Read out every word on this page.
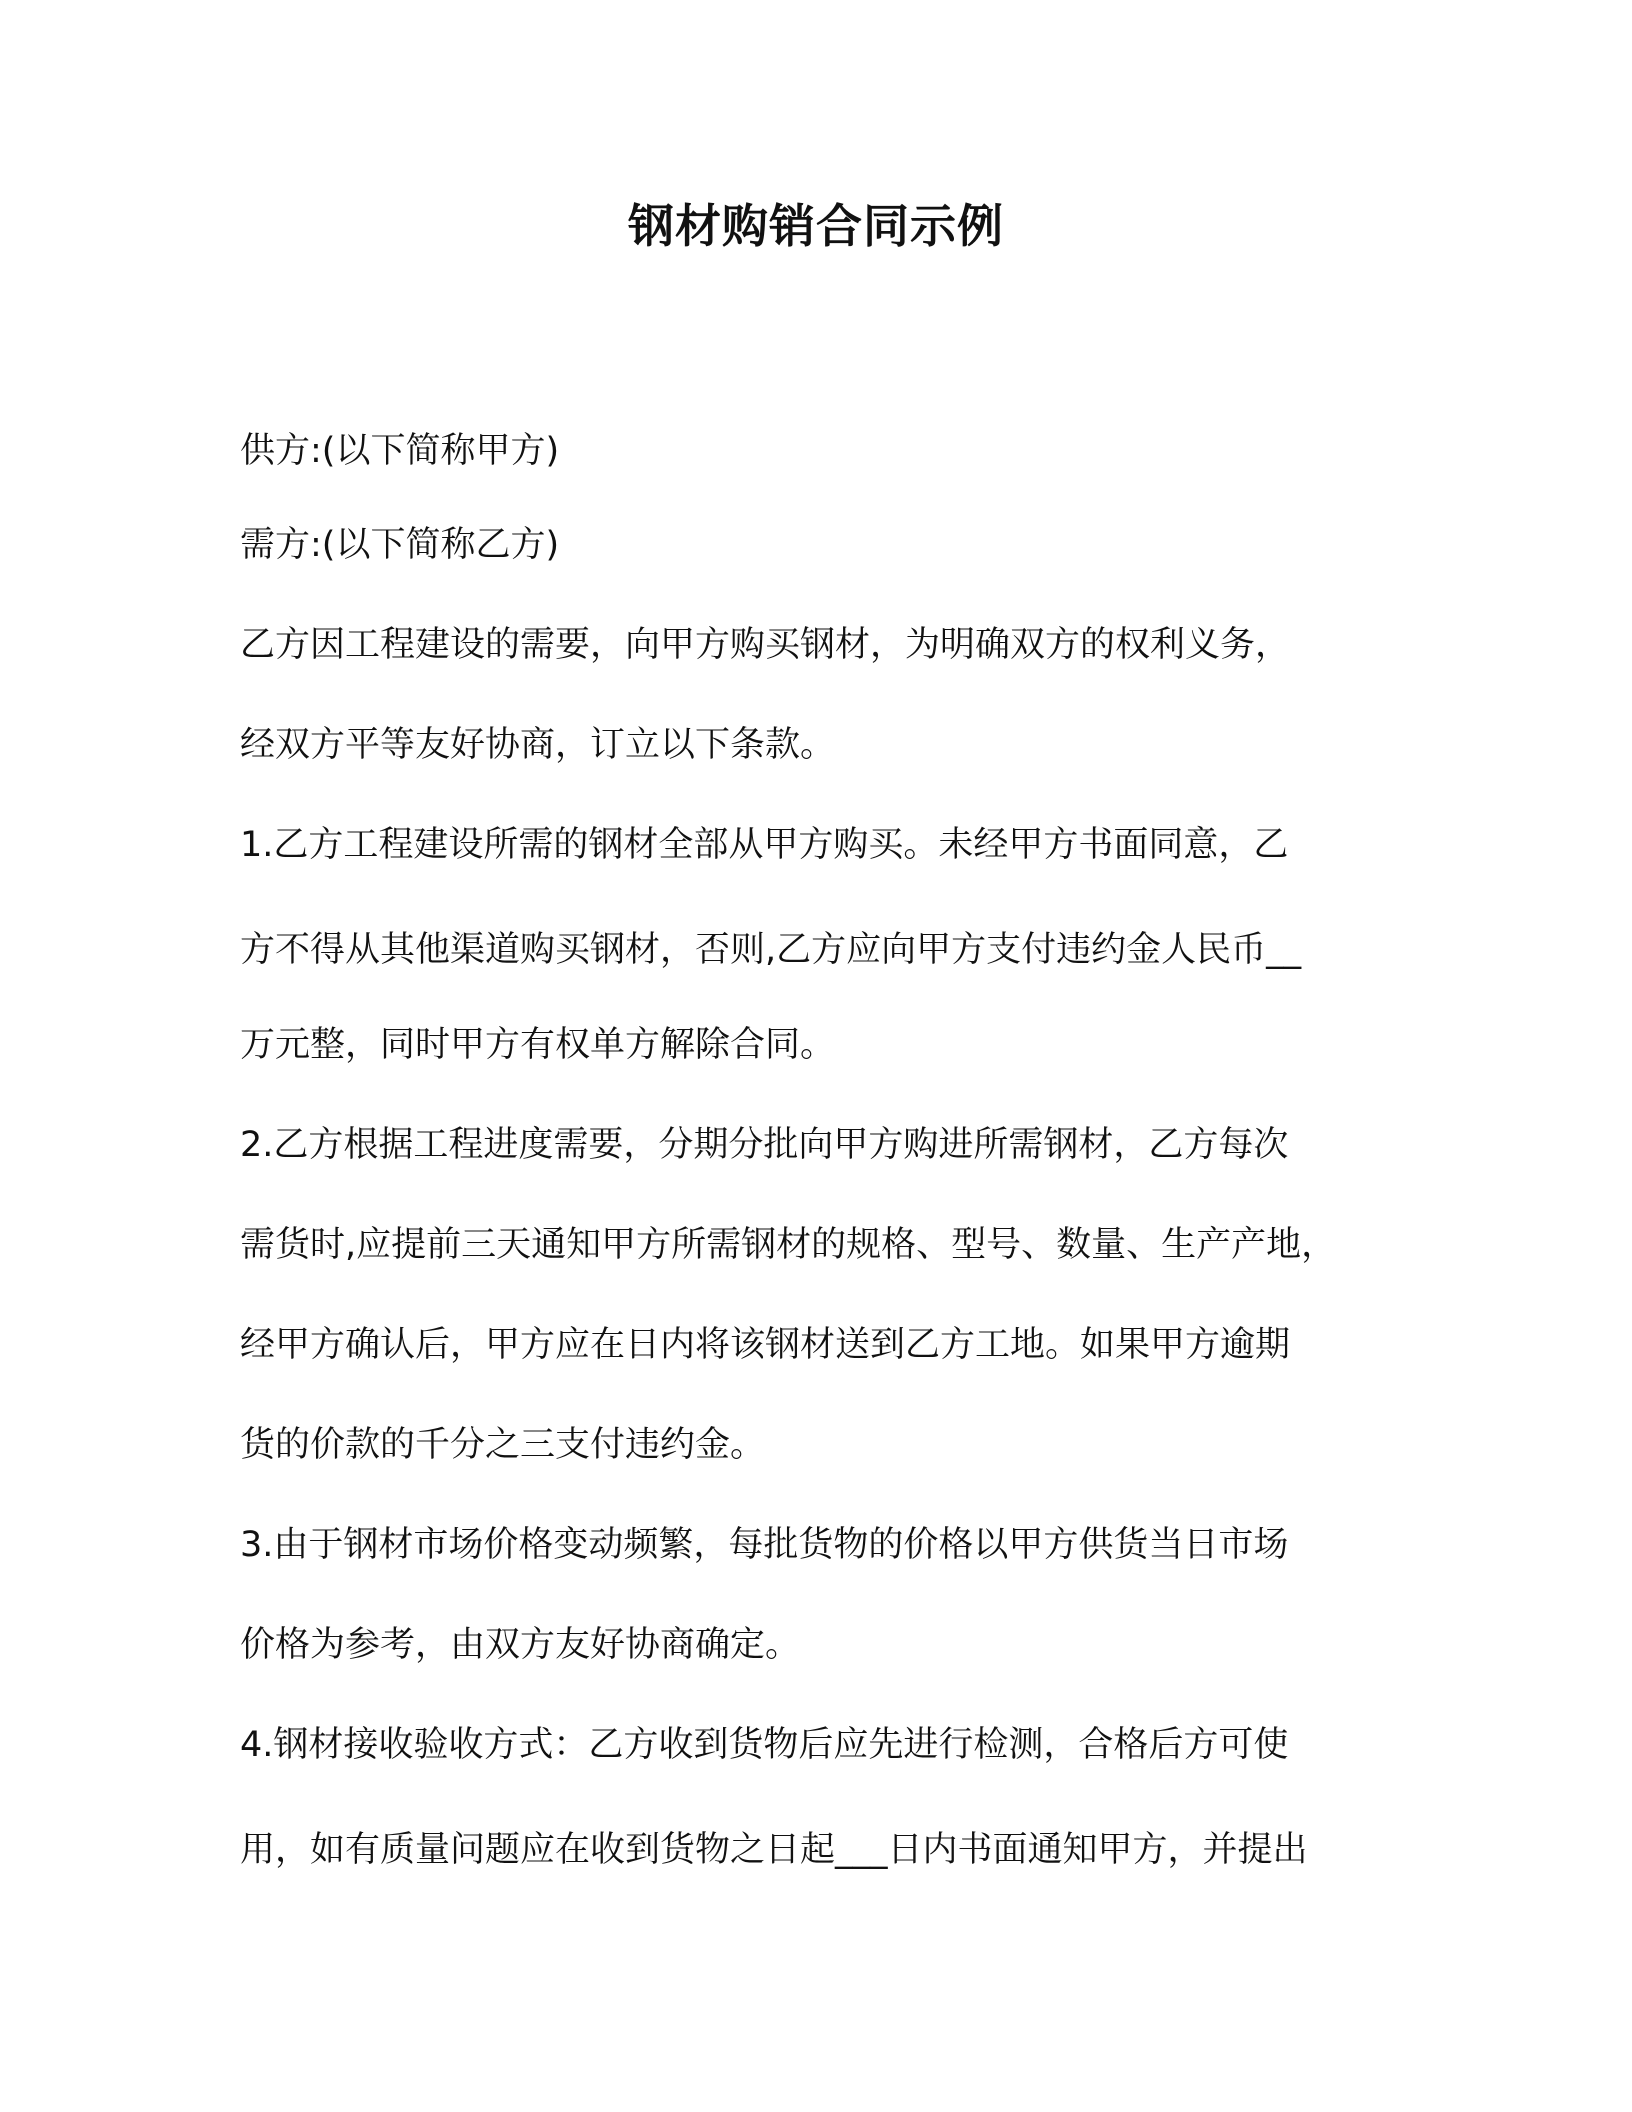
钢材购销合同示例

供方:(以下简称甲方)

需方:(以下简称乙方)

乙方因工程建设的需要，向甲方购买钢材，为明确双方的权利义务，

经双方平等友好协商，订立以下条款。

1.乙方工程建设所需的钢材全部从甲方购买。未经甲方书面同意，乙

方不得从其他渠道购买钢材，否则,乙方应向甲方支付违约金人民币__

万元整，同时甲方有权单方解除合同。

2.乙方根据工程进度需要，分期分批向甲方购进所需钢材，乙方每次

需货时,应提前三天通知甲方所需钢材的规格、型号、数量、生产产地，

经甲方确认后，甲方应在日内将该钢材送到乙方工地。如果甲方逾期

货的价款的千分之三支付违约金。

3.由于钢材市场价格变动频繁，每批货物的价格以甲方供货当日市场

价格为参考，由双方友好协商确定。

4.钢材接收验收方式：乙方收到货物后应先进行检测，合格后方可使

用，如有质量问题应在收到货物之日起___日内书面通知甲方，并提出
